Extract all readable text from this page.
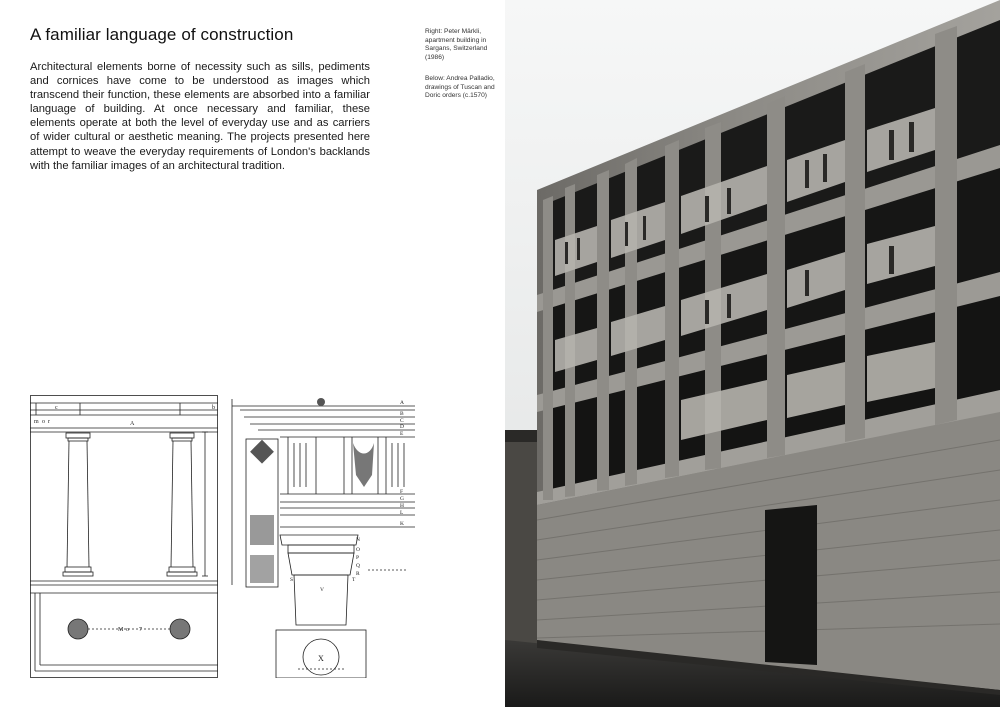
A familiar language of construction

Architectural elements borne of necessity such as sills, pediments and cornices have come to be understood as images which transcend their function, these elements are absorbed into a familiar language of building. At once necessary and familiar, these elements operate at both the level of everyday use and as carriers of wider cultural or aesthetic meaning. The projects presented here attempt to weave the everyday requirements of London's backlands with the familiar images of an architectural tradition.

Right: Peter Märkli, apartment building in Sargans, Switzerland (1986)
Below: Andrea Palladio, drawings of Tuscan and Doric orders (c.1570)
A
m o r
c	b
M o 7
A
B
C
D
E
F
G
H
K
L
N
O
P
Q
R
S	T
V
X
